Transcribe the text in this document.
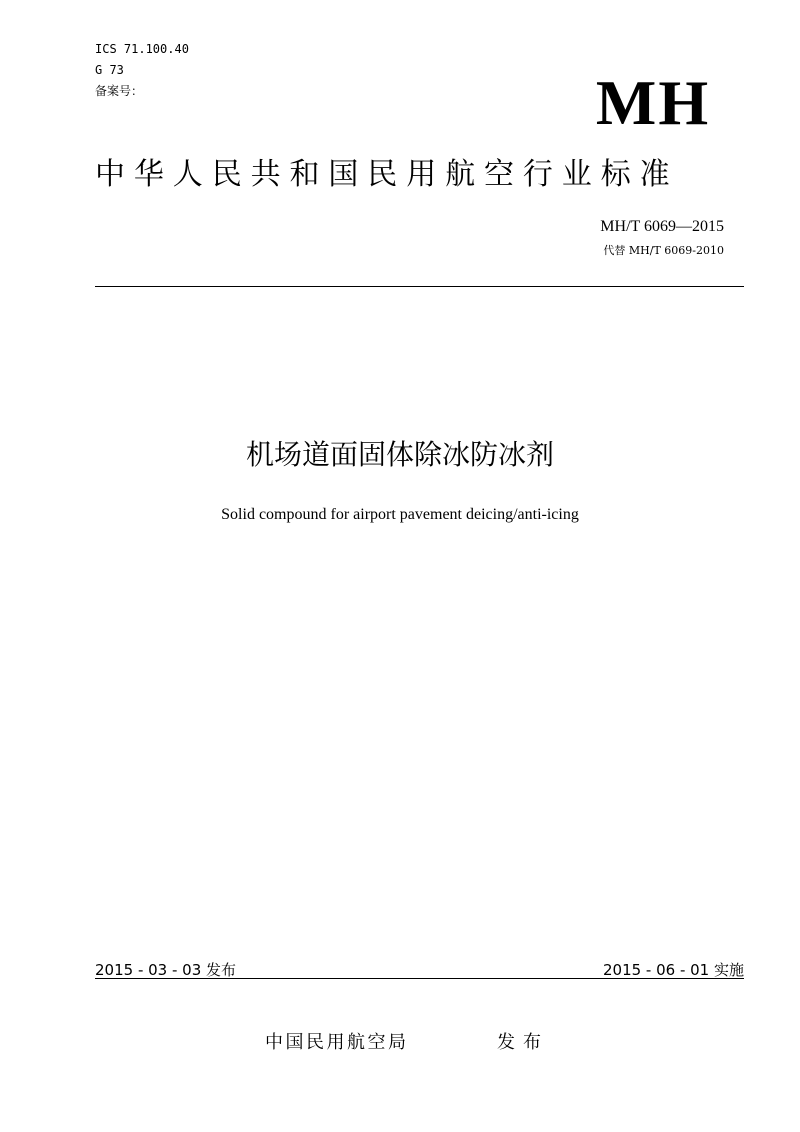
ICS 71.100.40
G 73
备案号：	MH
中华人民共和国民用航空行业标准
MH/T 6069—2015
代替 MH/T 6069-2010
机场道面固体除冰防冰剂
Solid compound for airport pavement deicing/anti-icing
2015 - 03 - 03 发布	2015 - 06 - 01 实施
中国民用航空局	发布
